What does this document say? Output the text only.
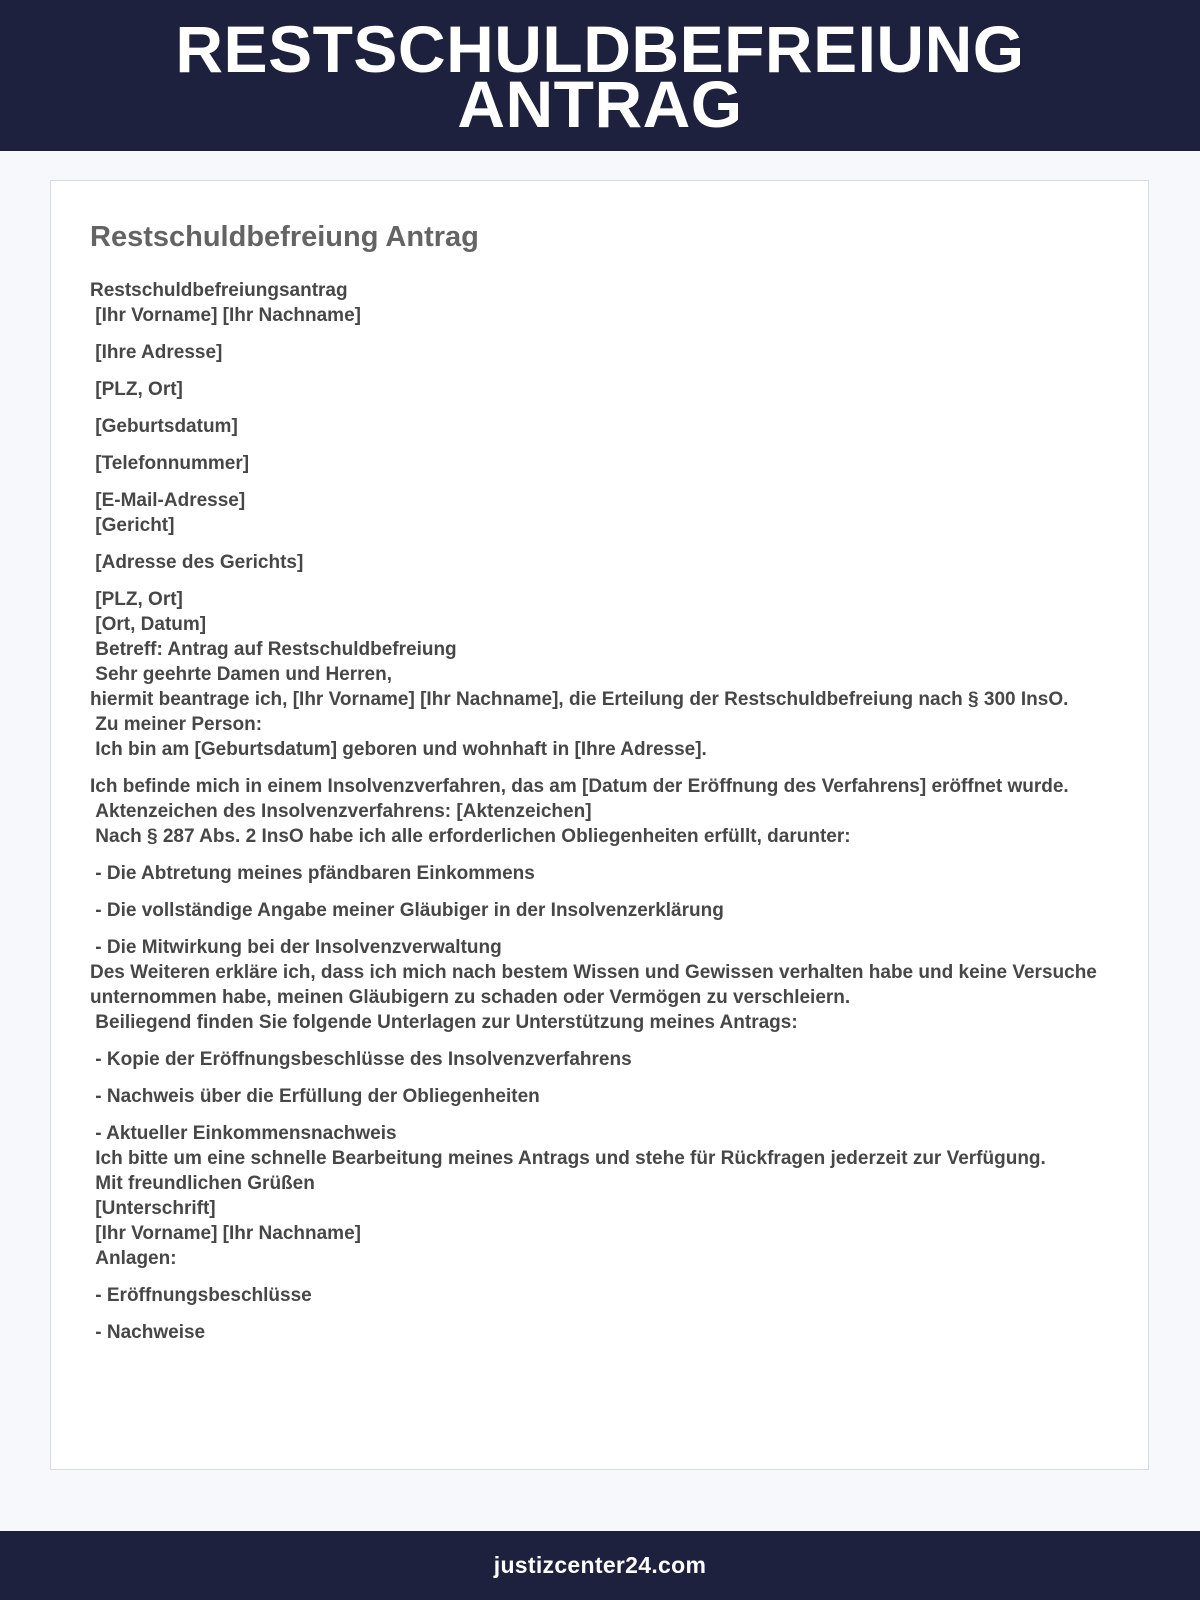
RESTSCHULDBEFREIUNG ANTRAG
Restschuldbefreiung Antrag

Restschuldbefreiungsantrag

[Ihr Vorname] [Ihr Nachname]

[Ihre Adresse]

[PLZ, Ort]

[Geburtsdatum]

[Telefonnummer]

[E-Mail-Adresse]

[Gericht]

[Adresse des Gerichts]

[PLZ, Ort]

[Ort, Datum]

Betreff: Antrag auf Restschuldbefreiung

Sehr geehrte Damen und Herren,

hiermit beantrage ich, [Ihr Vorname] [Ihr Nachname], die Erteilung der Restschuldbefreiung nach § 300 InsO.

Zu meiner Person:

Ich bin am [Geburtsdatum] geboren und wohnhaft in [Ihre Adresse].

Ich befinde mich in einem Insolvenzverfahren, das am [Datum der Eröffnung des Verfahrens] eröffnet wurde.

Aktenzeichen des Insolvenzverfahrens: [Aktenzeichen]

Nach § 287 Abs. 2 InsO habe ich alle erforderlichen Obliegenheiten erfüllt, darunter:

- Die Abtretung meines pfändbaren Einkommens

- Die vollständige Angabe meiner Gläubiger in der Insolvenzerklärung

- Die Mitwirkung bei der Insolvenzverwaltung

Des Weiteren erkläre ich, dass ich mich nach bestem Wissen und Gewissen verhalten habe und keine Versuche unternommen habe, meinen Gläubigern zu schaden oder Vermögen zu verschleiern.

Beiliegend finden Sie folgende Unterlagen zur Unterstützung meines Antrags:

- Kopie der Eröffnungsbeschlüsse des Insolvenzverfahrens

- Nachweis über die Erfüllung der Obliegenheiten

- Aktueller Einkommensnachweis

Ich bitte um eine schnelle Bearbeitung meines Antrags und stehe für Rückfragen jederzeit zur Verfügung.

Mit freundlichen Grüßen

[Unterschrift]

[Ihr Vorname] [Ihr Nachname]

Anlagen:

- Eröffnungsbeschlüsse

- Nachweise

justizcenter24.com
